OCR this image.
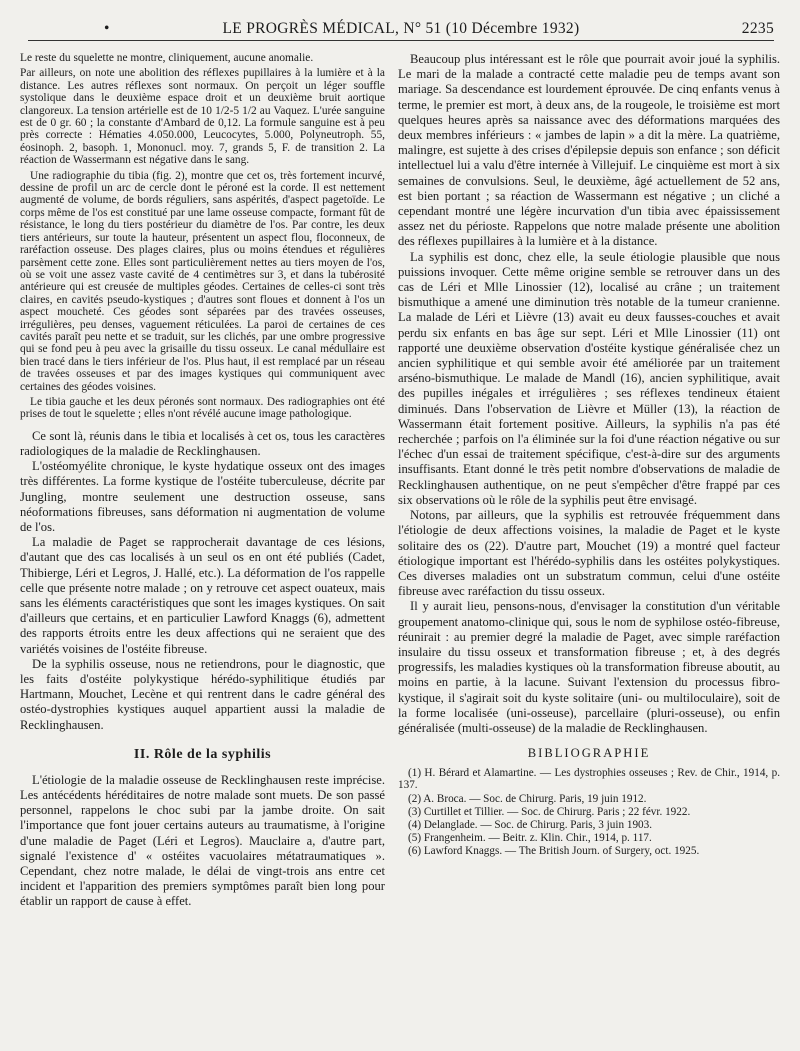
•	LE PROGRÈS MÉDICAL, N° 51 (10 Décembre 1932)	2235

Le reste du squelette ne montre, cliniquement, aucune anomalie.

Par ailleurs, on note une abolition des réflexes pupillaires à la lumière et à la distance. Les autres réflexes sont normaux. On perçoit un léger souffle systolique dans le deuxième espace droit et un deuxième bruit aortique clangoreux. La tension artérielle est de 10 1/2-5 1/2 au Vaquez. L'urée sanguine est de 0 gr. 60 ; la constante d'Ambard de 0,12. La formule sanguine est à peu près correcte : Hématies 4.050.000, Leucocytes, 5.000, Polyneutroph. 55, éosinoph. 2, basoph. 1, Mononucl. moy. 7, grands 5, F. de transition 2. La réaction de Wassermann est négative dans le sang.

Une radiographie du tibia (fig. 2), montre que cet os, très fortement incurvé, dessine de profil un arc de cercle dont le péroné est la corde. Il est nettement augmenté de volume, de bords réguliers, sans aspérités, d'aspect pagetoïde. Le corps même de l'os est constitué par une lame osseuse compacte, formant fût de résistance, le long du tiers postérieur du diamètre de l'os. Par contre, les deux tiers antérieurs, sur toute la hauteur, présentent un aspect flou, floconneux, de raréfaction osseuse. Des plages claires, plus ou moins étendues et régulières parsèment cette zone. Elles sont particulièrement nettes au tiers moyen de l'os, où se voit une assez vaste cavité de 4 centimètres sur 3, et dans la tubérosité antérieure qui est creusée de multiples géodes. Certaines de celles-ci sont très claires, en cavités pseudo-kystiques ; d'autres sont floues et donnent à l'os un aspect moucheté. Ces géodes sont séparées par des travées osseuses, irrégulières, peu denses, vaguement réticulées. La paroi de certaines de ces cavités paraît peu nette et se traduit, sur les clichés, par une ombre progressive qui se fond peu à peu avec la grisaille du tissu osseux. Le canal médullaire est bien tracé dans le tiers inférieur de l'os. Plus haut, il est remplacé par un réseau de travées osseuses et par des images kystiques qui communiquent avec certaines des géodes voisines.

Le tibia gauche et les deux péronés sont normaux. Des radiographies ont été prises de tout le squelette ; elles n'ont révélé aucune image pathologique.

Ce sont là, réunis dans le tibia et localisés à cet os, tous les caractères radiologiques de la maladie de Recklinghausen.

L'ostéomyélite chronique, le kyste hydatique osseux ont des images très différentes. La forme kystique de l'ostéite tuberculeuse, décrite par Jungling, montre seulement une destruction osseuse, sans néoformations fibreuses, sans déformation ni augmentation de volume de l'os.

La maladie de Paget se rapprocherait davantage de ces lésions, d'autant que des cas localisés à un seul os en ont été publiés (Cadet, Thibierge, Léri et Legros, J. Hallé, etc.). La déformation de l'os rappelle celle que présente notre malade ; on y retrouve cet aspect ouateux, mais sans les éléments caractéristiques que sont les images kystiques. On sait d'ailleurs que certains, et en particulier Lawford Knaggs (6), admettent des rapports étroits entre les deux affections qui ne seraient que des variétés voisines de l'ostéite fibreuse.

De la syphilis osseuse, nous ne retiendrons, pour le diagnostic, que les faits d'ostéite polykystique hérédo-syphilitique étudiés par Hartmann, Mouchet, Lecène et qui rentrent dans le cadre général des ostéo-dystrophies kystiques auquel appartient aussi la maladie de Recklinghausen.

II. Rôle de la syphilis

L'étiologie de la maladie osseuse de Recklinghausen reste imprécise. Les antécédents héréditaires de notre malade sont muets. De son passé personnel, rappelons le choc subi par la jambe droite. On sait l'importance que font jouer certains auteurs au traumatisme, à l'origine d'une maladie de Paget (Léri et Legros). Mauclaire a, d'autre part, signalé l'existence d' « ostéites vacuolaires métatraumatiques ». Cependant, chez notre malade, le délai de vingt-trois ans entre cet incident et l'apparition des premiers symptômes paraît bien long pour établir un rapport de cause à effet.

Beaucoup plus intéressant est le rôle que pourrait avoir joué la syphilis. Le mari de la malade a contracté cette maladie peu de temps avant son mariage. Sa descendance est lourdement éprouvée. De cinq enfants venus à terme, le premier est mort, à deux ans, de la rougeole, le troisième est mort quelques heures après sa naissance avec des déformations marquées des deux membres inférieurs : « jambes de lapin » a dit la mère. La quatrième, malingre, est sujette à des crises d'épilepsie depuis son enfance ; son déficit intellectuel lui a valu d'être internée à Villejuif. Le cinquième est mort à six semaines de convulsions. Seul, le deuxième, âgé actuellement de 52 ans, est bien portant ; sa réaction de Wassermann est négative ; un cliché a cependant montré une légère incurvation d'un tibia avec épaississement assez net du périoste. Rappelons que notre malade présente une abolition des réflexes pupillaires à la lumière et à la distance.

La syphilis est donc, chez elle, la seule étiologie plausible que nous puissions invoquer. Cette même origine semble se retrouver dans un des cas de Léri et Mlle Linossier (12), localisé au crâne ; un traitement bismuthique a amené une diminution très notable de la tumeur cranienne. La malade de Léri et Lièvre (13) avait eu deux fausses-couches et avait perdu six enfants en bas âge sur sept. Léri et Mlle Linossier (11) ont rapporté une deuxième observation d'ostéite kystique généralisée chez un ancien syphilitique et qui semble avoir été améliorée par un traitement arséno-bismuthique. Le malade de Mandl (16), ancien syphilitique, avait des pupilles inégales et irrégulières ; ses réflexes tendineux étaient diminués. Dans l'observation de Lièvre et Müller (13), la réaction de Wassermann était fortement positive. Ailleurs, la syphilis n'a pas été recherchée ; parfois on l'a éliminée sur la foi d'une réaction négative ou sur l'échec d'un essai de traitement spécifique, c'est-à-dire sur des arguments insuffisants. Etant donné le très petit nombre d'observations de maladie de Recklinghausen authentique, on ne peut s'empêcher d'être frappé par ces six observations où le rôle de la syphilis peut être envisagé.

Notons, par ailleurs, que la syphilis est retrouvée fréquemment dans l'étiologie de deux affections voisines, la maladie de Paget et le kyste solitaire des os (22). D'autre part, Mouchet (19) a montré quel facteur étiologique important est l'hérédo-syphilis dans les ostéites polykystiques. Ces diverses maladies ont un substratum commun, celui d'une ostéite fibreuse avec raréfaction du tissu osseux.

Il y aurait lieu, pensons-nous, d'envisager la constitution d'un véritable groupement anatomo-clinique qui, sous le nom de syphilose ostéo-fibreuse, réunirait : au premier degré la maladie de Paget, avec simple raréfaction insulaire du tissu osseux et transformation fibreuse ; et, à des degrés progressifs, les maladies kystiques où la transformation fibreuse aboutit, au moins en partie, à la lacune. Suivant l'extension du processus fibro-kystique, il s'agirait soit du kyste solitaire (uni- ou multiloculaire), soit de la forme localisée (uni-osseuse), parcellaire (pluri-osseuse), ou enfin généralisée (multi-osseuse) de la maladie de Recklinghausen.

BIBLIOGRAPHIE

(1) H. Bérard et Alamartine. — Les dystrophies osseuses ; Rev. de Chir., 1914, p. 137.

(2) A. Broca. — Soc. de Chirurg. Paris, 19 juin 1912.

(3) Curtillet et Tillier. — Soc. de Chirurg. Paris ; 22 févr. 1922.

(4) Delanglade. — Soc. de Chirurg. Paris, 3 juin 1903.

(5) Frangenheim. — Beitr. z. Klin. Chir., 1914, p. 117.

(6) Lawford Knaggs. — The British Journ. of Surgery, oct. 1925.
